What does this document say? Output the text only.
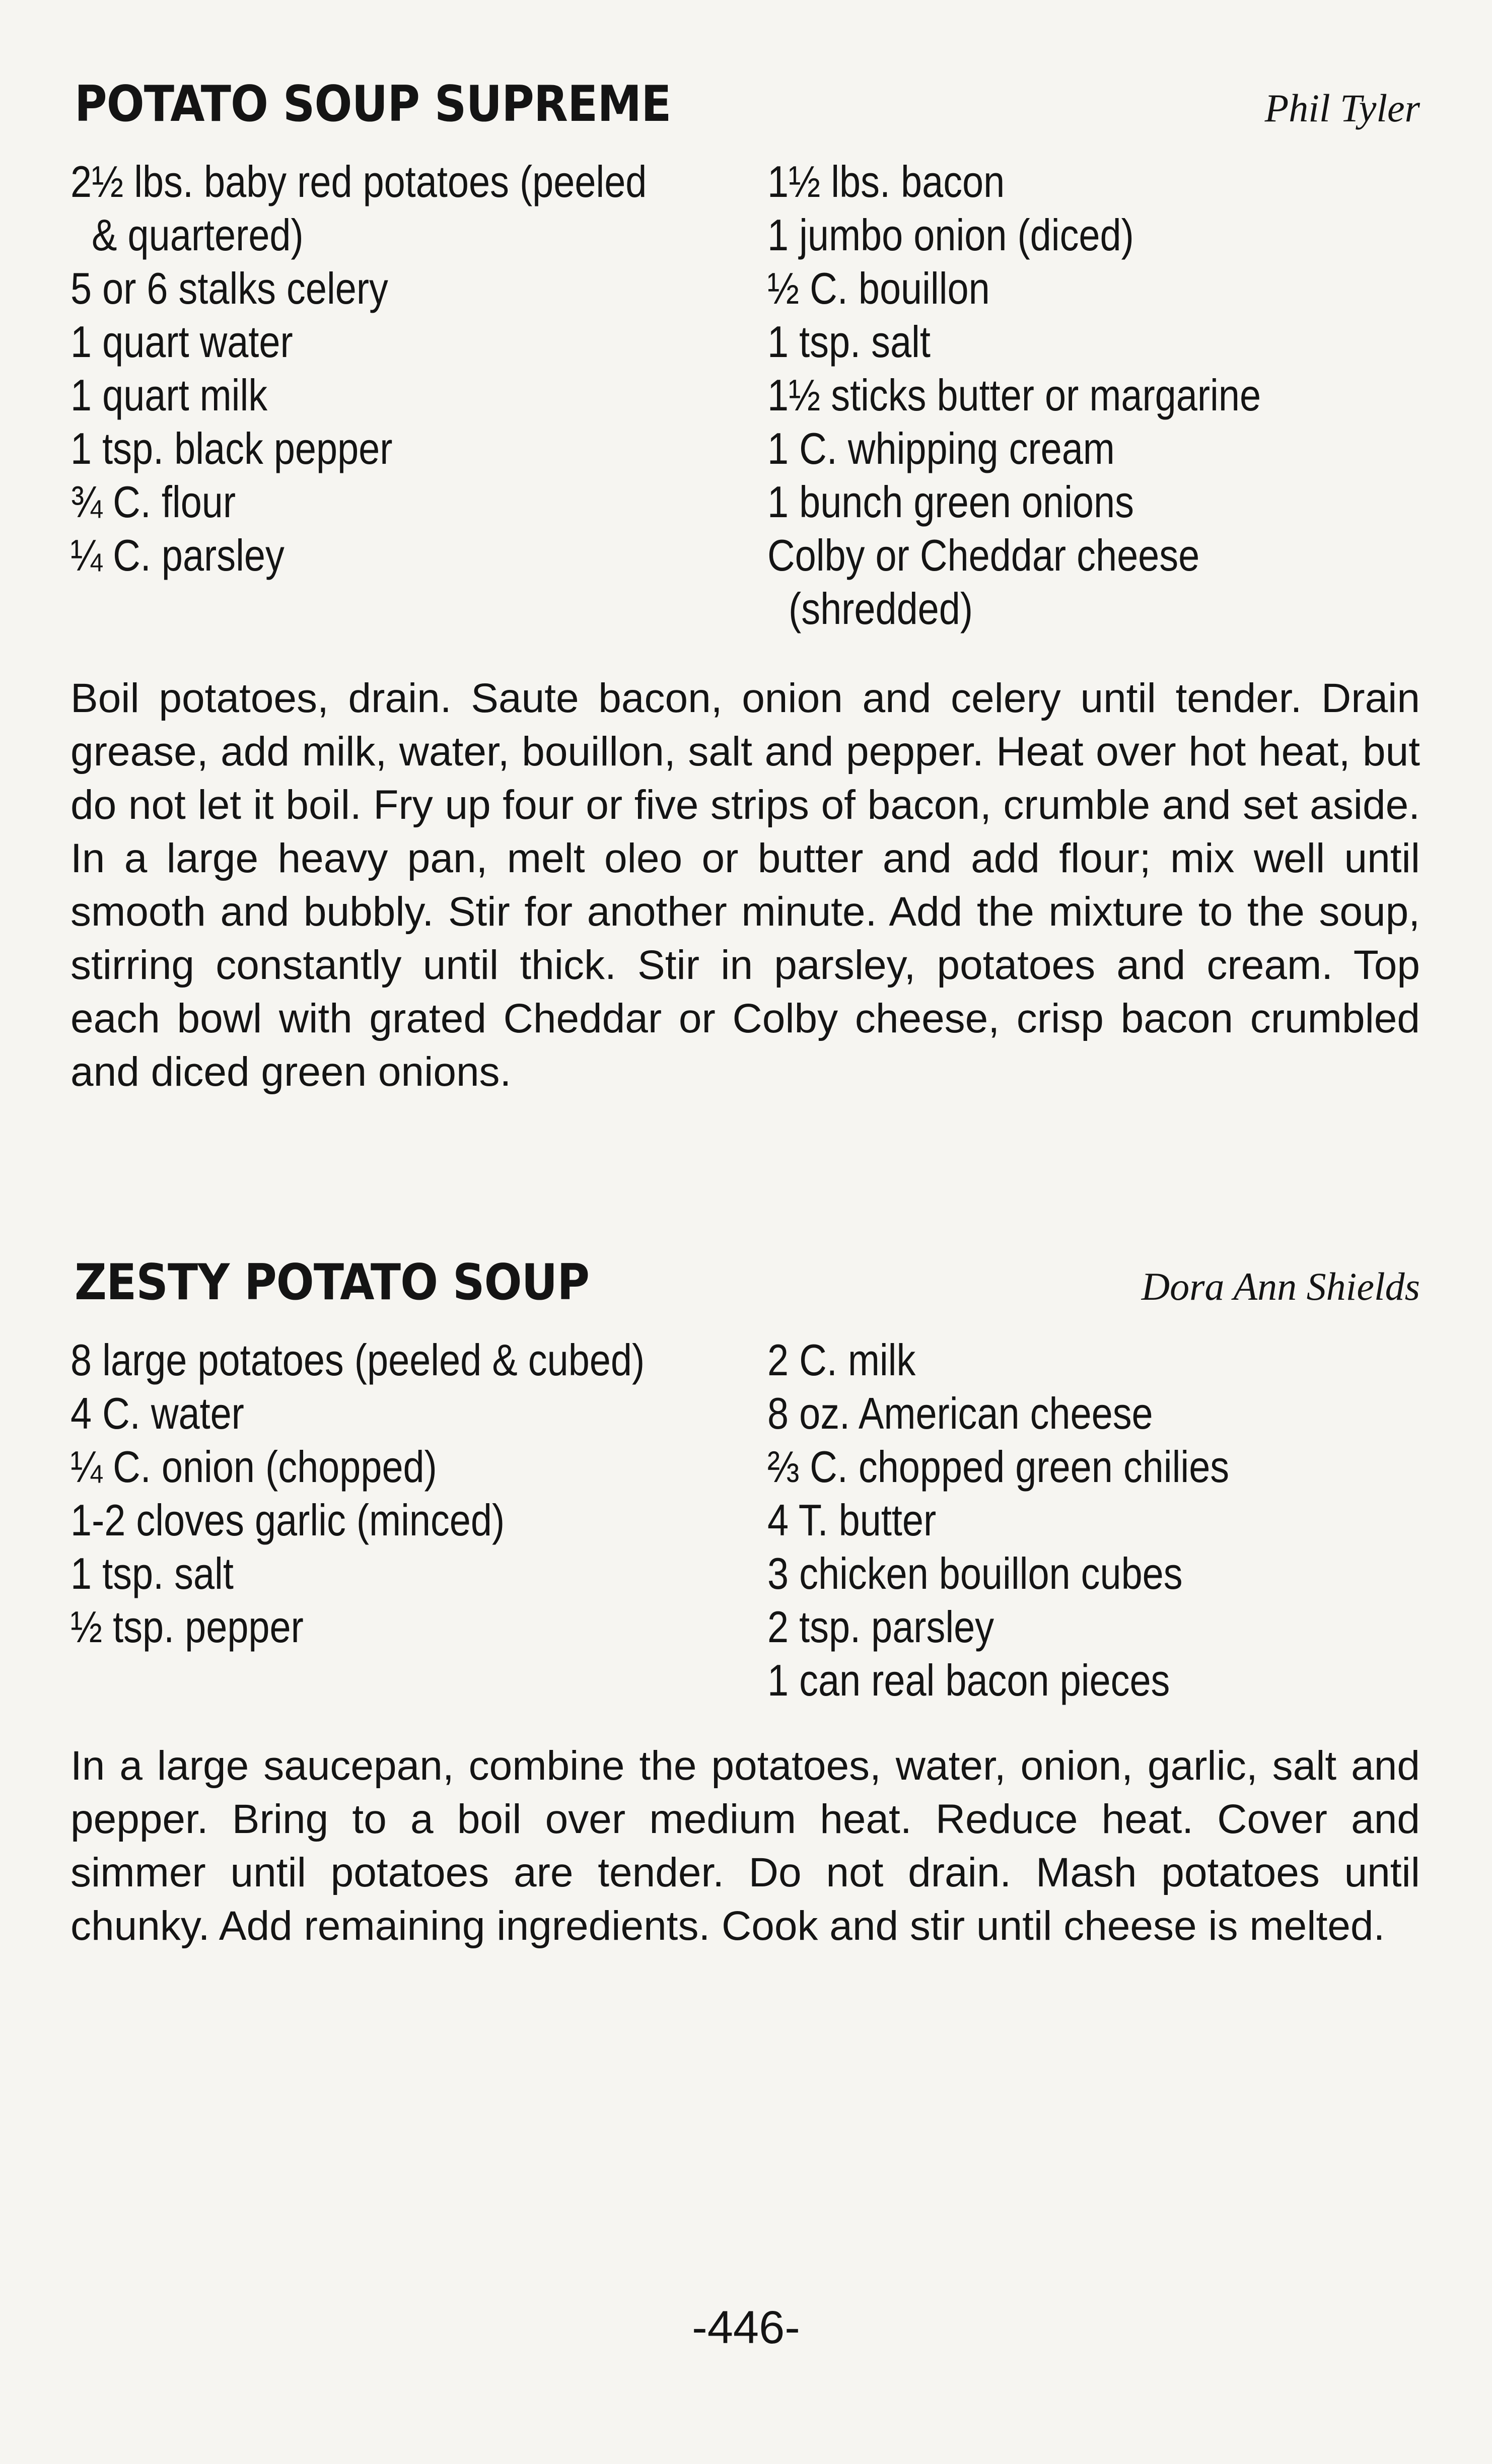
POTATO SOUP SUPREME	Phil Tyler
2½ lbs. baby red potatoes (peeled
& quartered)
5 or 6 stalks celery
1 quart water
1 quart milk
1 tsp. black pepper
¾ C. flour
¼ C. parsley
1½ lbs. bacon
1 jumbo onion (diced)
½ C. bouillon
1 tsp. salt
1½ sticks butter or margarine
1 C. whipping cream
1 bunch green onions
Colby or Cheddar cheese
(shredded)

Boil potatoes, drain. Saute bacon, onion and celery until tender. Drain grease, add milk, water, bouillon, salt and pepper. Heat over hot heat, but do not let it boil. Fry up four or five strips of bacon, crumble and set aside. In a large heavy pan, melt oleo or butter and add flour; mix well until smooth and bubbly. Stir for another minute. Add the mixture to the soup, stirring constantly until thick. Stir in parsley, potatoes and cream. Top each bowl with grated Cheddar or Colby cheese, crisp bacon crumbled and diced green onions.

ZESTY POTATO SOUP	Dora Ann Shields
8 large potatoes (peeled & cubed)
4 C. water
¼ C. onion (chopped)
1-2 cloves garlic (minced)
1 tsp. salt
½ tsp. pepper
2 C. milk
8 oz. American cheese
⅔ C. chopped green chilies
4 T. butter
3 chicken bouillon cubes
2 tsp. parsley
1 can real bacon pieces

In a large saucepan, combine the potatoes, water, onion, garlic, salt and pepper. Bring to a boil over medium heat. Reduce heat. Cover and simmer until potatoes are tender. Do not drain. Mash potatoes until chunky. Add remaining ingredients. Cook and stir until cheese is melted.

-446-
